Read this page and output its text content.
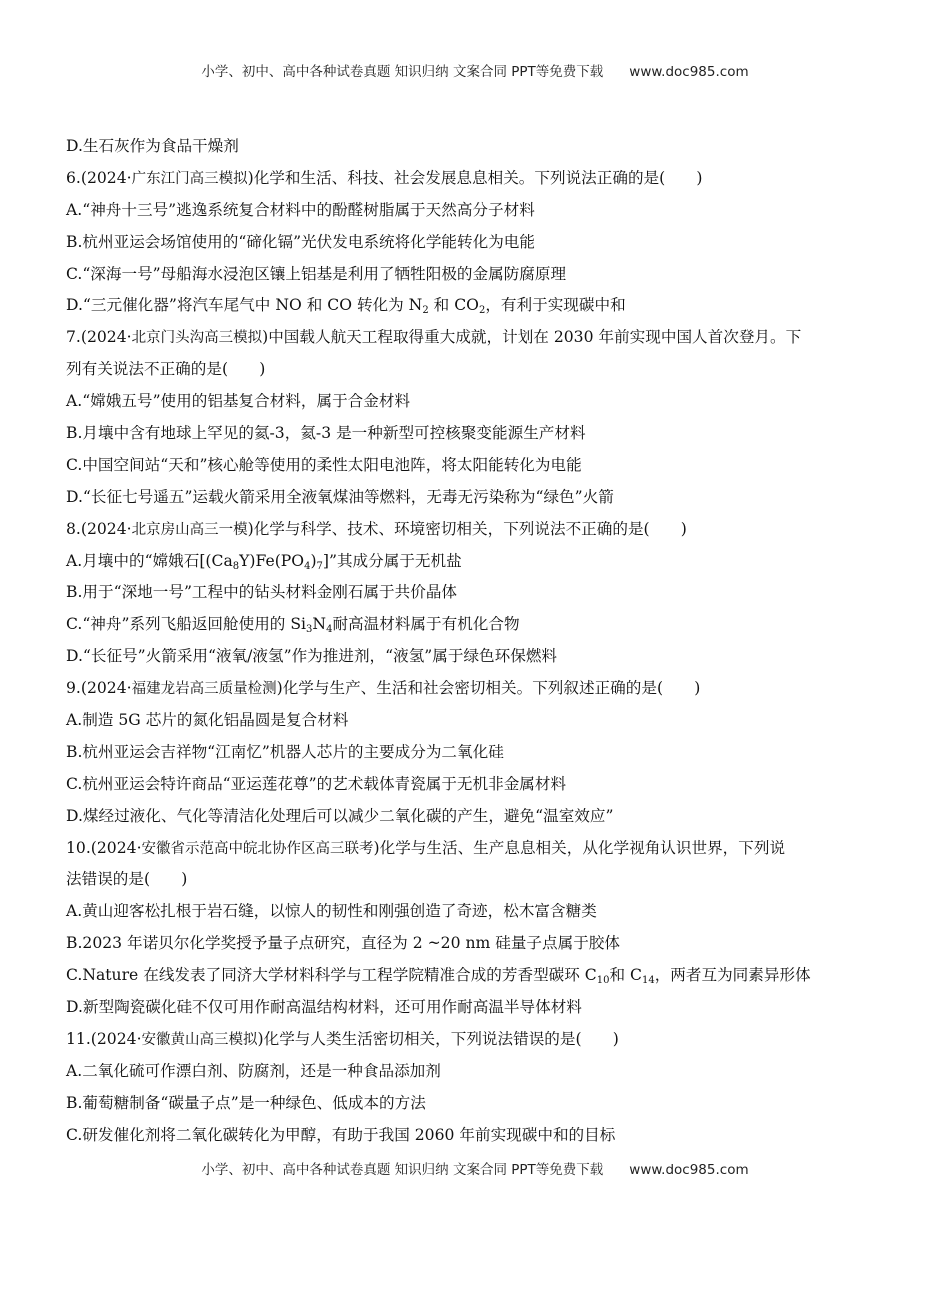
小学、初中、高中各种试卷真题 知识归纳 文案合同 PPT等免费下载 www.doc985.com
D.生石灰作为食品干燥剂
6.(2024·广东江门高三模拟)化学和生活、科技、社会发展息息相关。下列说法正确的是(　　)
A.“神舟十三号”逃逸系统复合材料中的酚醛树脂属于天然高分子材料
B.杭州亚运会场馆使用的“碲化镉”光伏发电系统将化学能转化为电能
C.“深海一号”母船海水浸泡区镶上铝基是利用了牺牲阳极的金属防腐原理
D.“三元催化器”将汽车尾气中 NO 和 CO 转化为 $N_2$ 和 $CO_2$，有利于实现碳中和
7.(2024·北京门头沟高三模拟)中国载人航天工程取得重大成就，计划在 2030 年前实现中国人首次登月。下
列有关说法不正确的是(　　)
A.“嫦娥五号”使用的铝基复合材料，属于合金材料
B.月壤中含有地球上罕见的氦-3，氦-3 是一种新型可控核聚变能源生产材料
C.中国空间站“天和”核心舱等使用的柔性太阳电池阵，将太阳能转化为电能
D.“长征七号遥五”运载火箭采用全液氧煤油等燃料，无毒无污染称为“绿色”火箭
8.(2024·北京房山高三一模)化学与科学、技术、环境密切相关，下列说法不正确的是(　　)
A.月壤中的“嫦娥石$[(Ca_8Y)Fe(PO_4)_7]$”其成分属于无机盐
B.用于“深地一号”工程中的钻头材料金刚石属于共价晶体
C.“神舟”系列飞船返回舱使用的 $Si_3N_4$耐高温材料属于有机化合物
D.“长征号”火箭采用“液氧/液氢”作为推进剂，“液氢”属于绿色环保燃料
9.(2024·福建龙岩高三质量检测)化学与生产、生活和社会密切相关。下列叙述正确的是(　　)
A.制造 5G 芯片的氮化铝晶圆是复合材料
B.杭州亚运会吉祥物“江南忆”机器人芯片的主要成分为二氧化硅
C.杭州亚运会特许商品“亚运莲花尊”的艺术载体青瓷属于无机非金属材料
D.煤经过液化、气化等清洁化处理后可以减少二氧化碳的产生，避免“温室效应”
10.(2024·安徽省示范高中皖北协作区高三联考)化学与生活、生产息息相关，从化学视角认识世界，下列说
法错误的是(　　)
A.黄山迎客松扎根于岩石缝，以惊人的韧性和刚强创造了奇迹，松木富含糖类
B.2023 年诺贝尔化学奖授予量子点研究，直径为 2 ~20 nm 硅量子点属于胶体
C.Nature 在线发表了同济大学材料科学与工程学院精准合成的芳香型碳环 $C_{10}$和 $C_{14}$，两者互为同素异形体
D.新型陶瓷碳化硅不仅可用作耐高温结构材料，还可用作耐高温半导体材料
11.(2024·安徽黄山高三模拟)化学与人类生活密切相关，下列说法错误的是(　　)
A.二氧化硫可作漂白剂、防腐剂，还是一种食品添加剂
B.葡萄糖制备“碳量子点”是一种绿色、低成本的方法
C.研发催化剂将二氧化碳转化为甲醇，有助于我国 2060 年前实现碳中和的目标
小学、初中、高中各种试卷真题 知识归纳 文案合同 PPT等免费下载 www.doc985.com
